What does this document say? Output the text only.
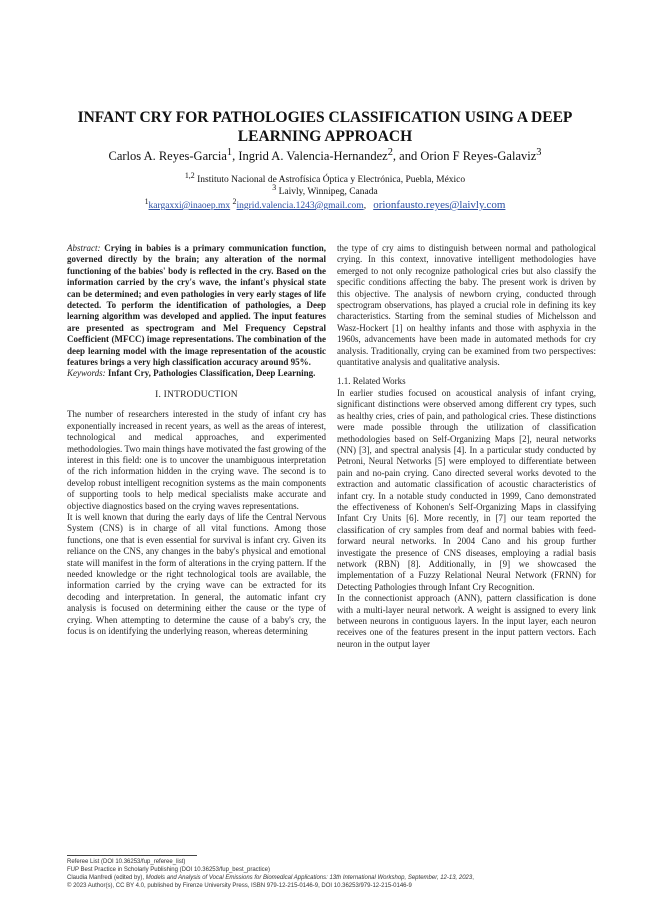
INFANT CRY FOR PATHOLOGIES CLASSIFICATION USING A DEEP LEARNING APPROACH
Carlos A. Reyes-Garcia$^1$, Ingrid A. Valencia-Hernandez$^2$, and Orion F Reyes-Galaviz$^3$
$^{1,2}$ Instituto Nacional de Astrofísica Óptica y Electrónica, Puebla, México
$^3$ Laivly, Winnipeg, Canada
$^1$kargaxxi@inaoep.mx $^2$ingrid.valencia.1243@gmail.com,   orionfausto.reyes@laivly.com

Abstract: Crying in babies is a primary communication function, governed directly by the brain; any alteration of the normal functioning of the babies' body is reflected in the cry. Based on the information carried by the cry's wave, the infant's physical state can be determined; and even pathologies in very early stages of life detected. To perform the identification of pathologies, a Deep learning algorithm was developed and applied. The input features are presented as spectrogram and Mel Frequency Cepstral Coefficient (MFCC) image representations. The combination of the deep learning model with the image representation of the acoustic features brings a very high classification accuracy around 95%.

Keywords: Infant Cry, Pathologies Classification, Deep Learning.

I. INTRODUCTION

The number of researchers interested in the study of infant cry has exponentially increased in recent years, as well as the areas of interest, technological and medical approaches, and experimented methodologies. Two main things have motivated the fast growing of the interest in this field: one is to uncover the unambiguous interpretation of the rich information hidden in the crying wave. The second is to develop robust intelligent recognition systems as the main components of supporting tools to help medical specialists make accurate and objective diagnostics based on the crying waves representations.

It is well known that during the early days of life the Central Nervous System (CNS) is in charge of all vital functions. Among those functions, one that is even essential for survival is infant cry. Given its reliance on the CNS, any changes in the baby's physical and emotional state will manifest in the form of alterations in the crying pattern. If the needed knowledge or the right technological tools are available, the information carried by the crying wave can be extracted for its decoding and interpretation. In general, the automatic infant cry analysis is focused on determining either the cause or the type of crying. When attempting to determine the cause of a baby's cry, the focus is on identifying the underlying reason, whereas determining

the type of cry aims to distinguish between normal and pathological crying. In this context, innovative intelligent methodologies have emerged to not only recognize pathological cries but also classify the specific conditions affecting the baby. The present work is driven by this objective. The analysis of newborn crying, conducted through spectrogram observations, has played a crucial role in defining its key characteristics. Starting from the seminal studies of Michelsson and Wasz-Hockert [1] on healthy infants and those with asphyxia in the 1960s, advancements have been made in automated methods for cry analysis. Traditionally, crying can be examined from two perspectives: quantitative analysis and qualitative analysis.

1.1. Related Works

In earlier studies focused on acoustical analysis of infant crying, significant distinctions were observed among different cry types, such as healthy cries, cries of pain, and pathological cries. These distinctions were made possible through the utilization of classification methodologies based on Self-Organizing Maps [2], neural networks (NN) [3], and spectral analysis [4]. In a particular study conducted by Petroni, Neural Networks [5] were employed to differentiate between pain and no-pain crying. Cano directed several works devoted to the extraction and automatic classification of acoustic characteristics of infant cry. In a notable study conducted in 1999, Cano demonstrated the effectiveness of Kohonen's Self-Organizing Maps in classifying Infant Cry Units [6]. More recently, in [7] our team reported the classification of cry samples from deaf and normal babies with feed-forward neural networks. In 2004 Cano and his group further investigate the presence of CNS diseases, employing a radial basis network (RBN) [8]. Additionally, in [9] we showcased the implementation of a Fuzzy Relational Neural Network (FRNN) for Detecting Pathologies through Infant Cry Recognition.

In the connectionist approach (ANN), pattern classification is done with a multi-layer neural network. A weight is assigned to every link between neurons in contiguous layers. In the input layer, each neuron receives one of the features present in the input pattern vectors. Each neuron in the output layer

Referee List (DOI 10.36253/fup_referee_list)
FUP Best Practice in Scholarly Publishing (DOI 10.36253/fup_best_practice)
Claudia Manfredi (edited by), Models and Analysis of Vocal Emissions for Biomedical Applications: 13th International Workshop, September, 12-13, 2023,
© 2023 Author(s), CC BY 4.0, published by Firenze University Press, ISBN 979-12-215-0146-9, DOI 10.36253/979-12-215-0146-9
